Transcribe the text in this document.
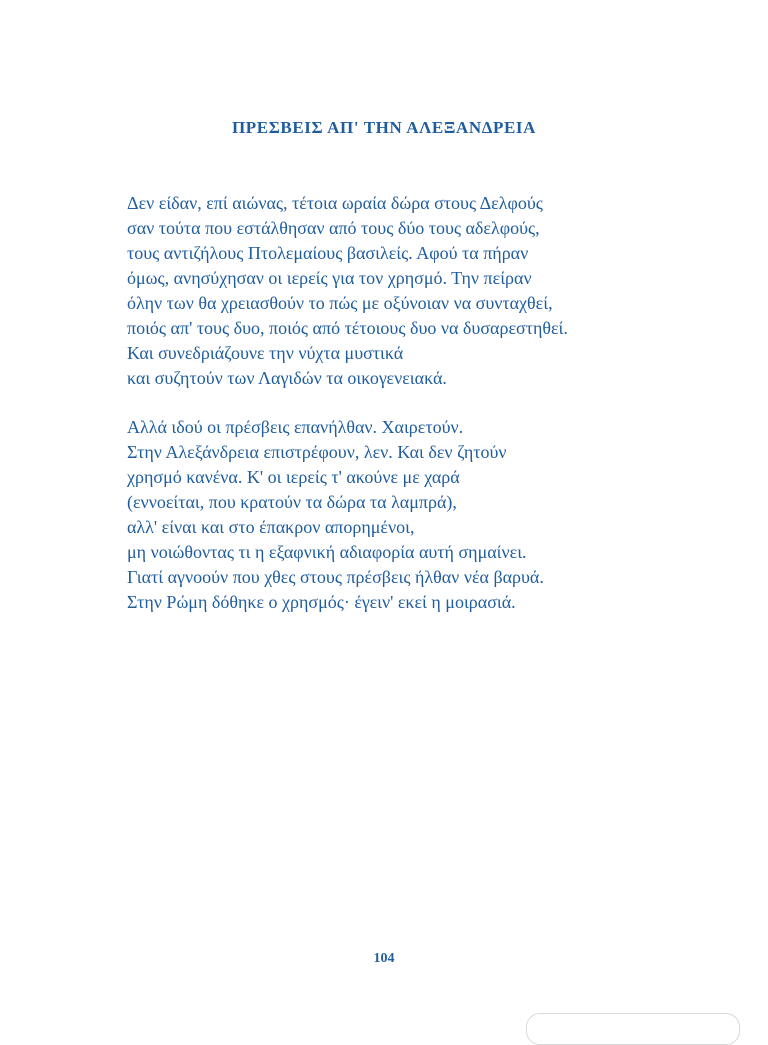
ΠΡΕΣΒΕΙΣ ΑΠ' ΤΗΝ ΑΛΕΞΑΝΔΡΕΙΑ
Δεν είδαν, επί αιώνας, τέτοια ωραία δώρα στους Δελφούς
σαν τούτα που εστάλθησαν από τους δύο τους αδελφούς,
τους αντιζήλους Πτολεμαίους βασιλείς. Αφού τα πήραν
όμως, ανησύχησαν οι ιερείς για τον χρησμό. Την πείραν
όλην των θα χρειασθούν το πώς με οξύνοιαν να συνταχθεί,
ποιός απ' τους δυο, ποιός από τέτοιους δυο να δυσαρεστηθεί.
Και συνεδριάζουνε την νύχτα μυστικά
και συζητούν των Λαγιδών τα οικογενειακά.
Αλλά ιδού οι πρέσβεις επανήλθαν. Χαιρετούν.
Στην Αλεξάνδρεια επιστρέφουν, λεν. Και δεν ζητούν
χρησμό κανένα. Κ' οι ιερείς τ' ακούνε με χαρά
(εννοείται, που κρατούν τα δώρα τα λαμπρά),
αλλ' είναι και στο έπακρον απορημένοι,
μη νοιώθοντας τι η εξαφνική αδιαφορία αυτή σημαίνει.
Γιατί αγνοούν που χθες στους πρέσβεις ήλθαν νέα βαρυά.
Στην Ρώμη δόθηκε ο χρησμός· έγειν' εκεί η μοιρασιά.
104
